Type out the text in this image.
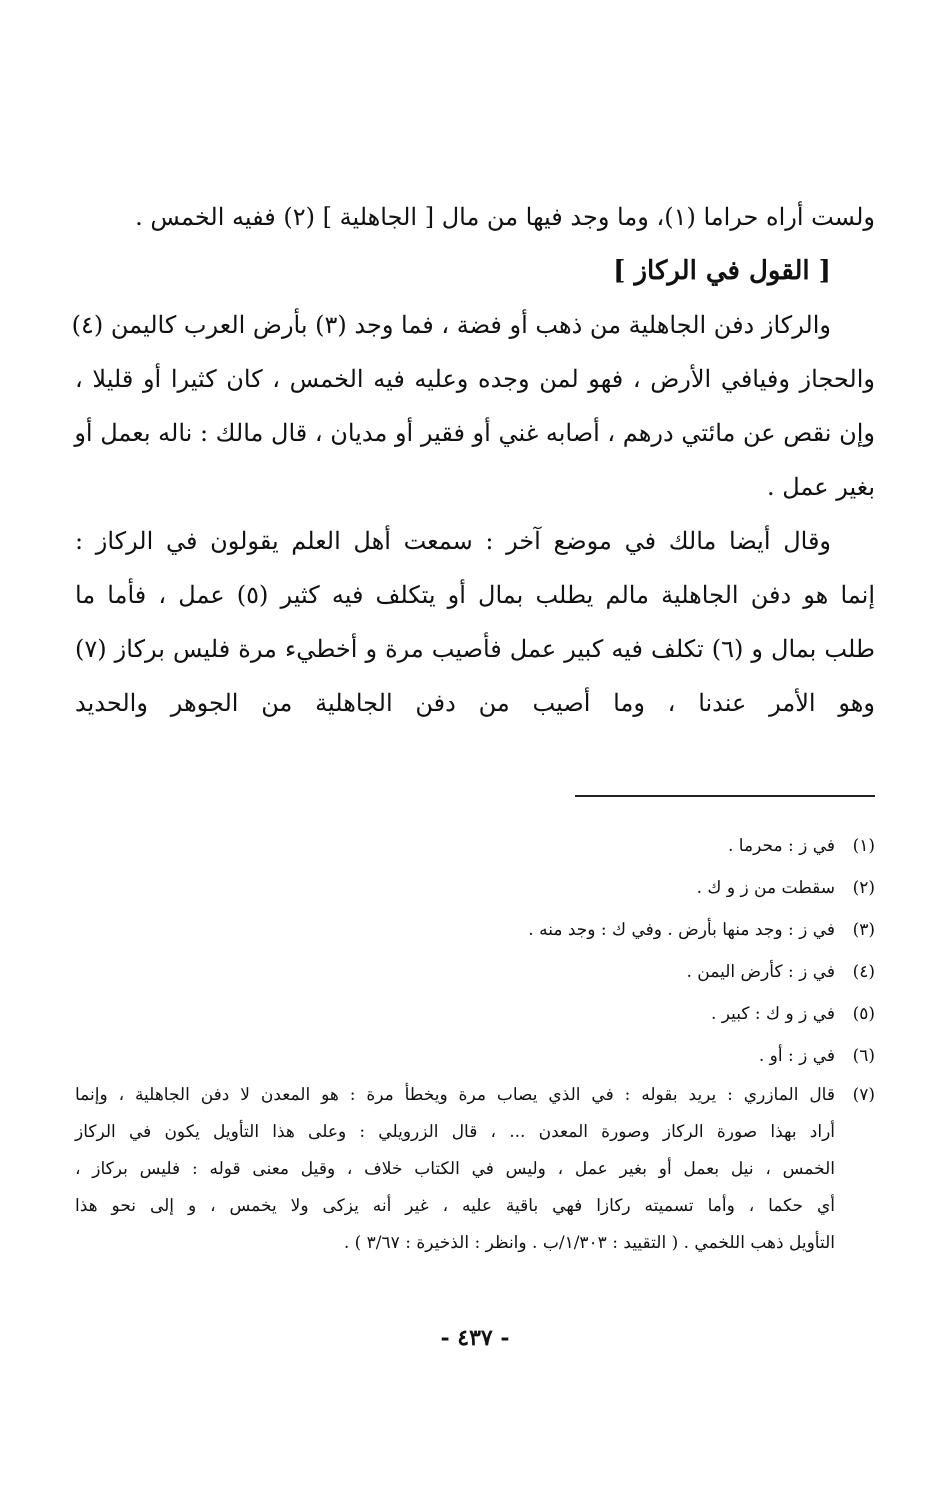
ولست أراه حراما (١)، وما وجد فيها من مال [ الجاهلية ] (٢) ففيه الخمس .
[ القول في الركاز ]
والركاز دفن الجاهلية من ذهب أو فضة ، فما وجد (٣) بأرض العرب كاليمن (٤)
والحجاز وفيافي الأرض ، فهو لمن وجده وعليه فيه الخمس ، كان كثيرا أو قليلا ،
وإن نقص عن مائتي درهم ، أصابه غني أو فقير أو مديان ، قال مالك : ناله بعمل أو
بغير عمل .
وقال أيضا مالك في موضع آخر : سمعت أهل العلم يقولون في الركاز :
إنما هو دفن الجاهلية مالم يطلب بمال أو يتكلف فيه كثير (٥) عمل ، فأما ما
طلب بمال و (٦) تكلف فيه كبير عمل فأصيب مرة و أخطيء مرة فليس بركاز (٧)
وهو الأمر عندنا ، وما أصيب من دفن الجاهلية من الجوهر والحديد
(١)
في ز : محرما .
(٢)
سقطت من ز و ك .
(٣)
في ز : وجد منها بأرض . وفي ك : وجد منه .
(٤)
في ز : كأرض اليمن .
(٥)
في ز و ك : كبير .
(٦)
في ز : أو .
(٧)
قال المازري : يريد بقوله : في الذي يصاب مرة ويخطأ مرة : هو المعدن لا دفن الجاهلية ، وإنما
أراد بهذا صورة الركاز وصورة المعدن ... ، قال الزرويلي : وعلى هذا التأويل يكون في الركاز
الخمس ، نيل بعمل أو بغير عمل ، وليس في الكتاب خلاف ، وقيل معنى قوله : فليس بركاز ،
أي حكما ، وأما تسميته ركازا فهي باقية عليه ، غير أنه يزكى ولا يخمس ، و إلى نحو هذا
التأويل ذهب اللخمي . ( التقييد : ١/٣٠٣/ب . وانظر : الذخيرة : ٣/٦٧ ) .
- ٤٣٧ -
